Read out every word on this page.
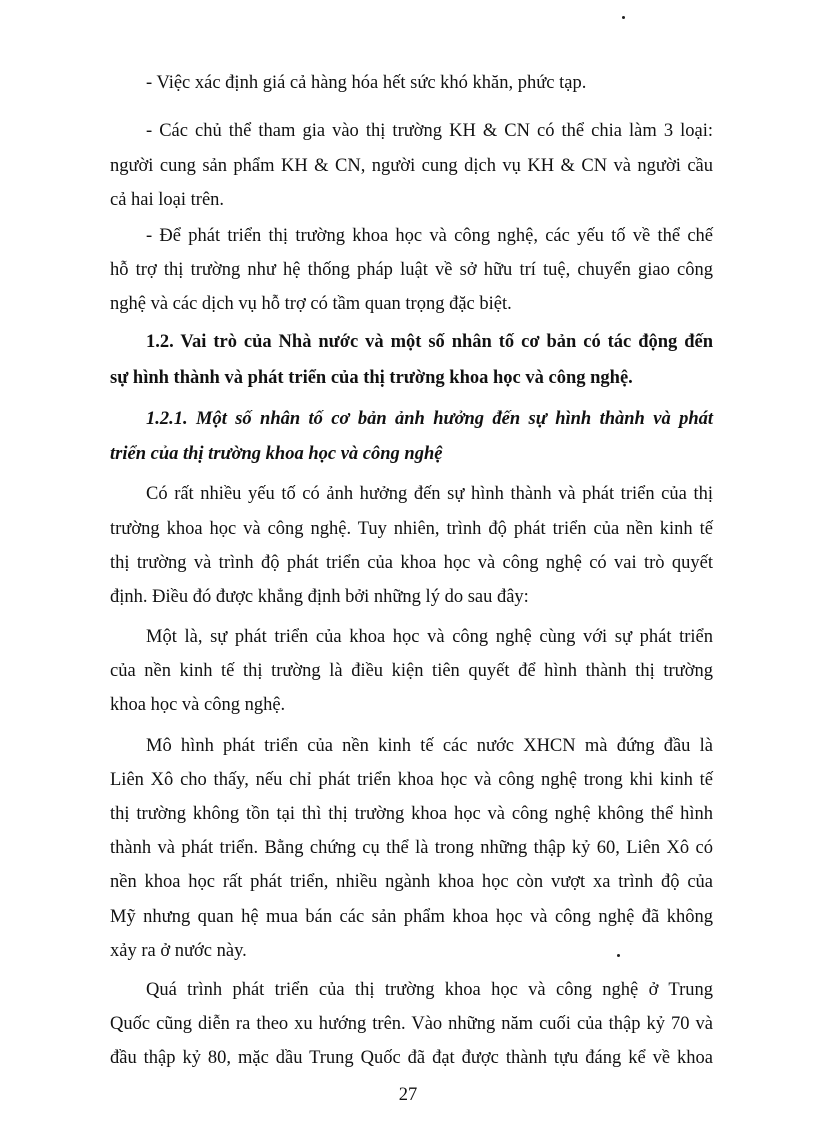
- Việc xác định giá cả hàng hóa hết sức khó khăn, phức tạp.
- Các chủ thể tham gia vào thị trường KH & CN có thể chia làm 3 loại:
người cung sản phẩm KH & CN, người cung dịch vụ KH & CN và người cầu
cả hai loại trên.
- Để phát triển thị trường khoa học và công nghệ, các yếu tố về thể chế
hỗ trợ thị trường như hệ thống pháp luật về sở hữu trí tuệ, chuyển giao công
nghệ và các dịch vụ hỗ trợ có tầm quan trọng đặc biệt.
1.2. Vai trò của Nhà nước và một số nhân tố cơ bản có tác động đến
sự hình thành và phát triển của thị trường khoa học và công nghệ.
1.2.1. Một số nhân tố cơ bản ảnh hưởng đến sự hình thành và phát
triển của thị trường khoa học và công nghệ
Có rất nhiều yếu tố có ảnh hưởng đến sự hình thành và phát triển của thị
trường khoa học và công nghệ. Tuy nhiên, trình độ phát triển của nền kinh tế
thị trường và trình độ phát triển của khoa học và công nghệ có vai trò quyết
định. Điều đó được khẳng định bởi những lý do sau đây:
Một là, sự phát triển của khoa học và công nghệ cùng với sự phát triển
của nền kinh tế thị trường là điều kiện tiên quyết để hình thành thị trường
khoa học và công nghệ.
Mô hình phát triển của nền kinh tế các nước XHCN mà đứng đầu là
Liên Xô cho thấy, nếu chỉ phát triển khoa học và công nghệ trong khi kinh tế
thị trường không tồn tại thì thị trường khoa học và công nghệ không thể hình
thành và phát triển. Bằng chứng cụ thể là trong những thập kỷ 60, Liên Xô có
nền khoa học rất phát triển, nhiều ngành khoa học còn vượt xa trình độ của
Mỹ nhưng quan hệ mua bán các sản phẩm khoa học và công nghệ đã không
xảy ra ở nước này.
Quá trình phát triển của thị trường khoa học và công nghệ ở Trung
Quốc cũng diễn ra theo xu hướng trên. Vào những năm cuối của thập kỷ 70 và
đầu thập kỷ 80, mặc dầu Trung Quốc đã đạt được thành tựu đáng kể về khoa
27
